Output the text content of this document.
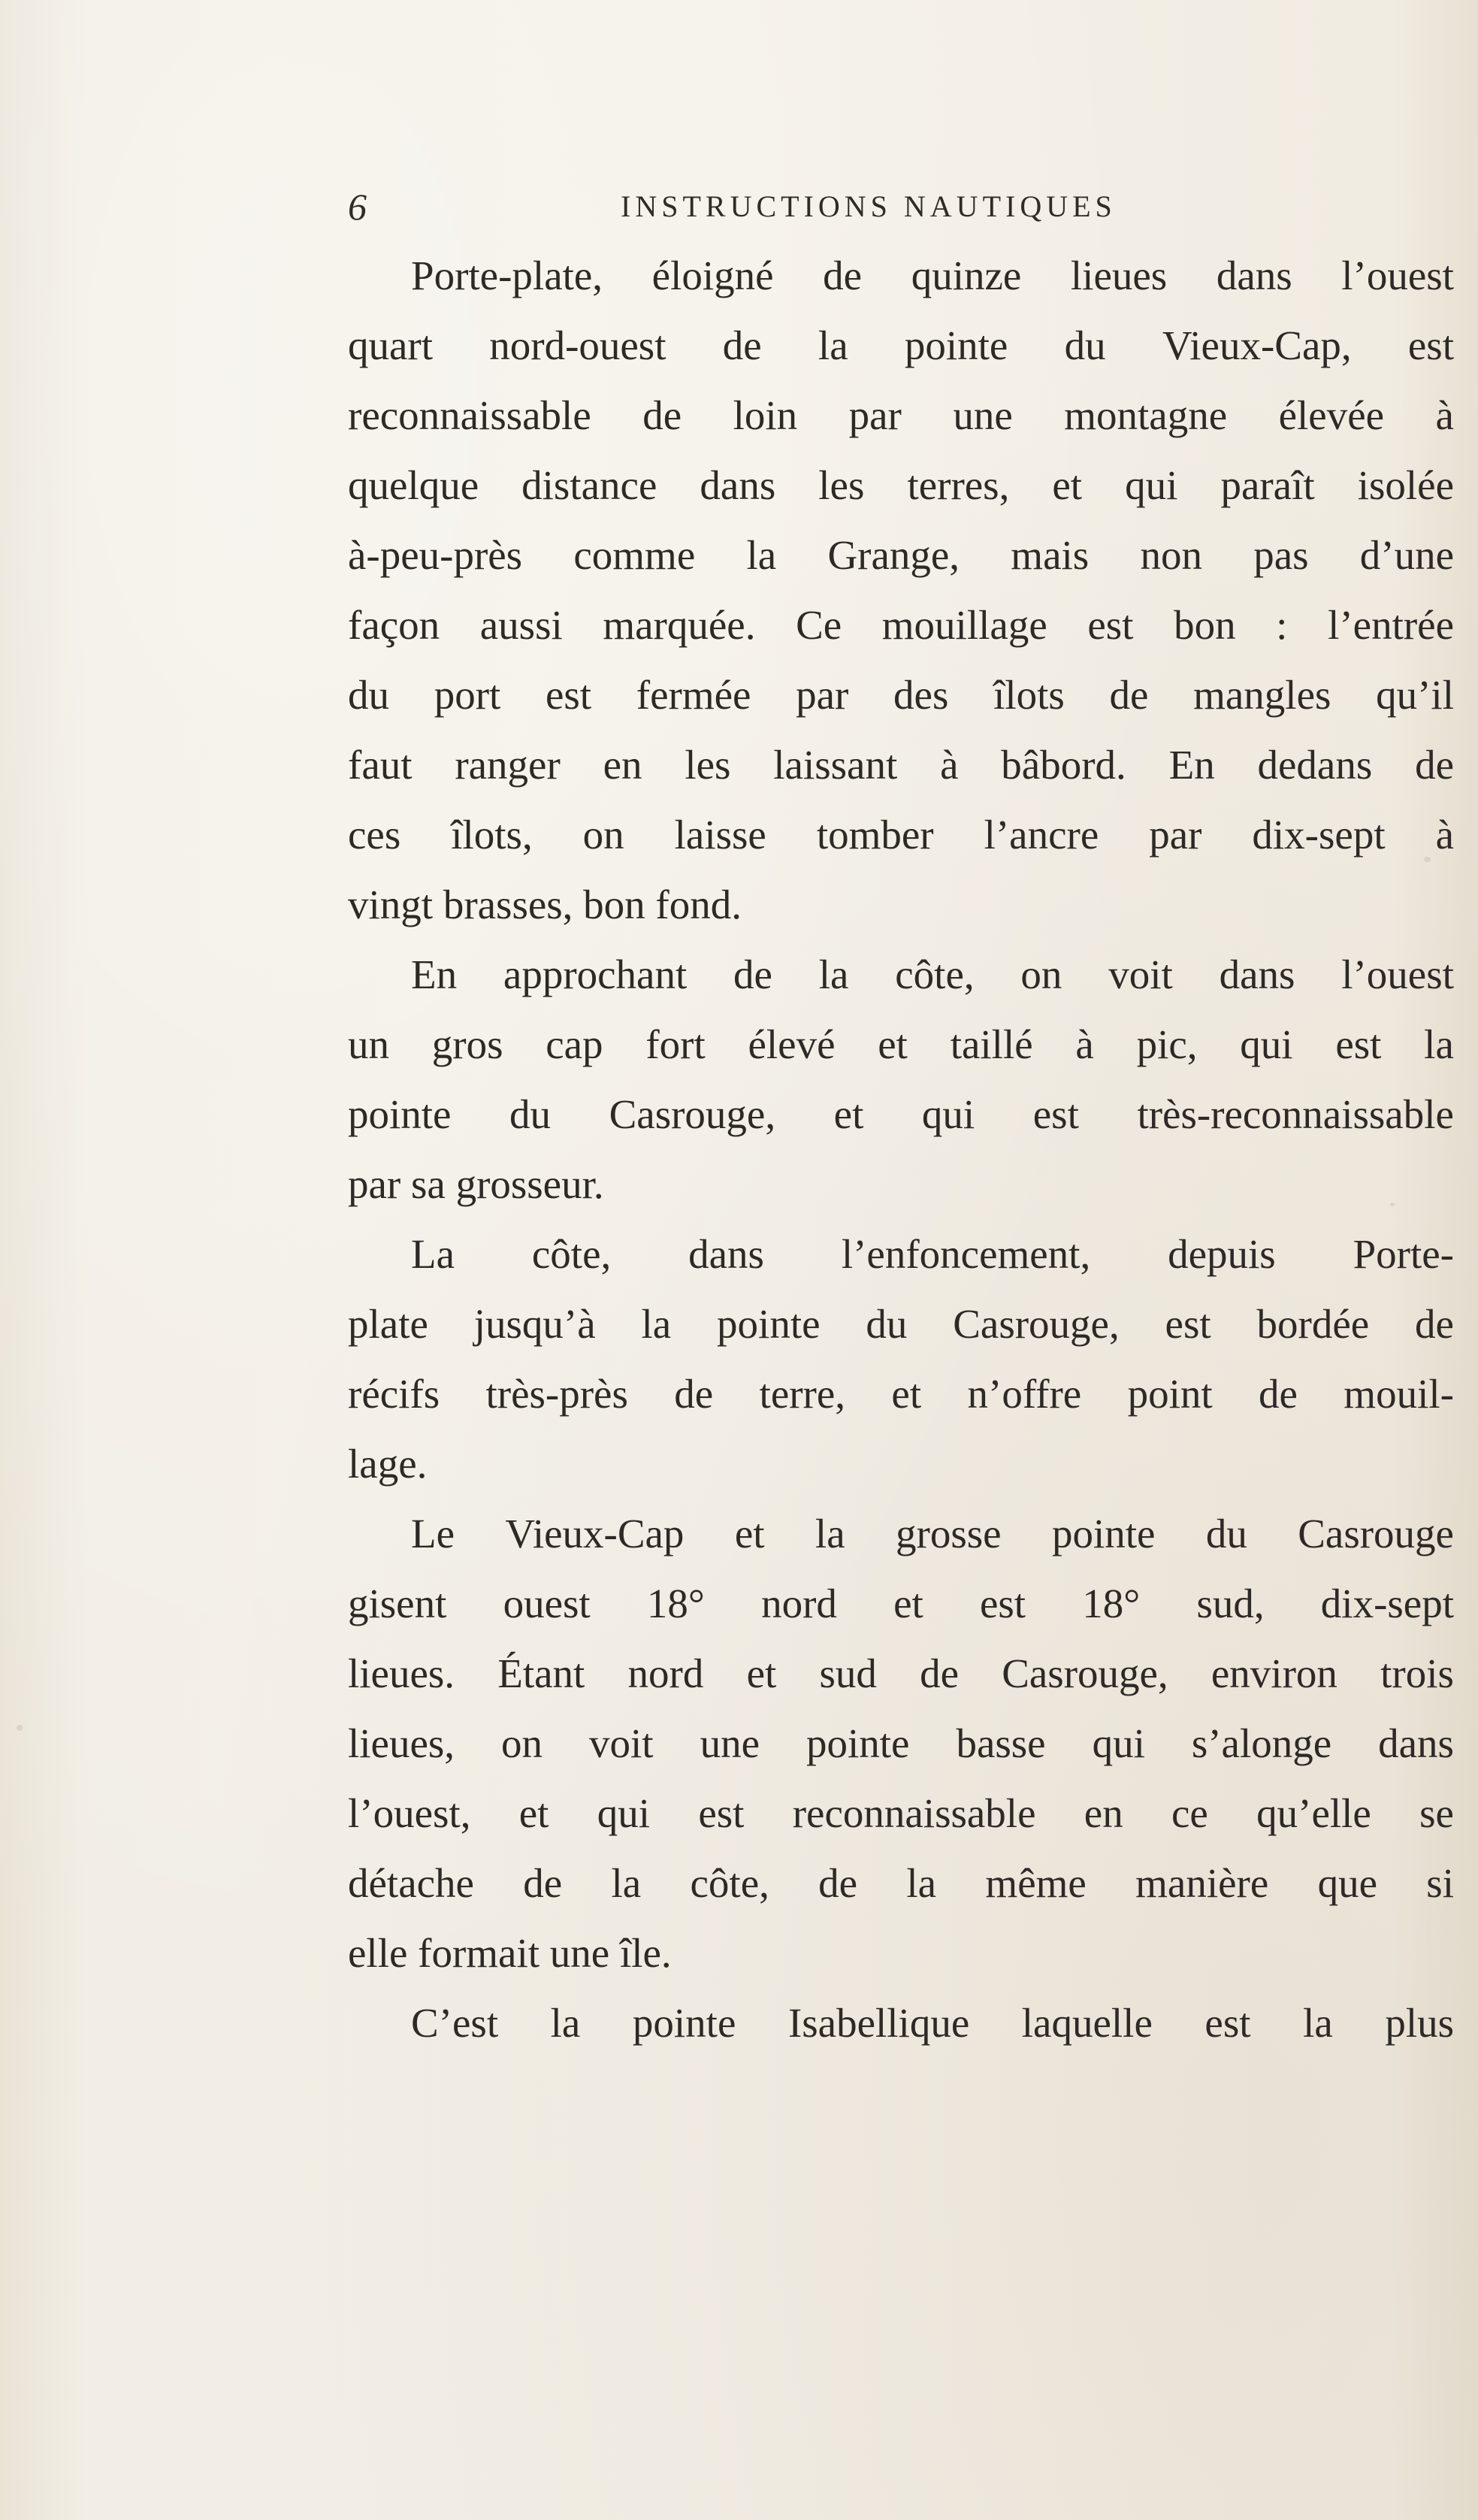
6	INSTRUCTIONS NAUTIQUES
Porte-plate, éloigné de quinze lieues dans l’ouest
quart nord-ouest de la pointe du Vieux-Cap, est
reconnaissable de loin par une montagne élevée à
quelque distance dans les terres, et qui paraît isolée
à-peu-près comme la Grange, mais non pas d’une
façon aussi marquée. Ce mouillage est bon : l’entrée
du port est fermée par des îlots de mangles qu’il
faut ranger en les laissant à bâbord. En dedans de
ces îlots, on laisse tomber l’ancre par dix-sept à
vingt brasses, bon fond.
En approchant de la côte, on voit dans l’ouest
un gros cap fort élevé et taillé à pic, qui est la
pointe du Casrouge, et qui est très-reconnaissable
par sa grosseur.
La côte, dans l’enfoncement, depuis Porte-
plate jusqu’à la pointe du Casrouge, est bordée de
récifs très-près de terre, et n’offre point de mouil-
lage.
Le Vieux-Cap et la grosse pointe du Casrouge
gisent ouest 18° nord et est 18° sud, dix-sept
lieues. Étant nord et sud de Casrouge, environ trois
lieues, on voit une pointe basse qui s’alonge dans
l’ouest, et qui est reconnaissable en ce qu’elle se
détache de la côte, de la même manière que si
elle formait une île.
C’est la pointe Isabellique laquelle est la plus
